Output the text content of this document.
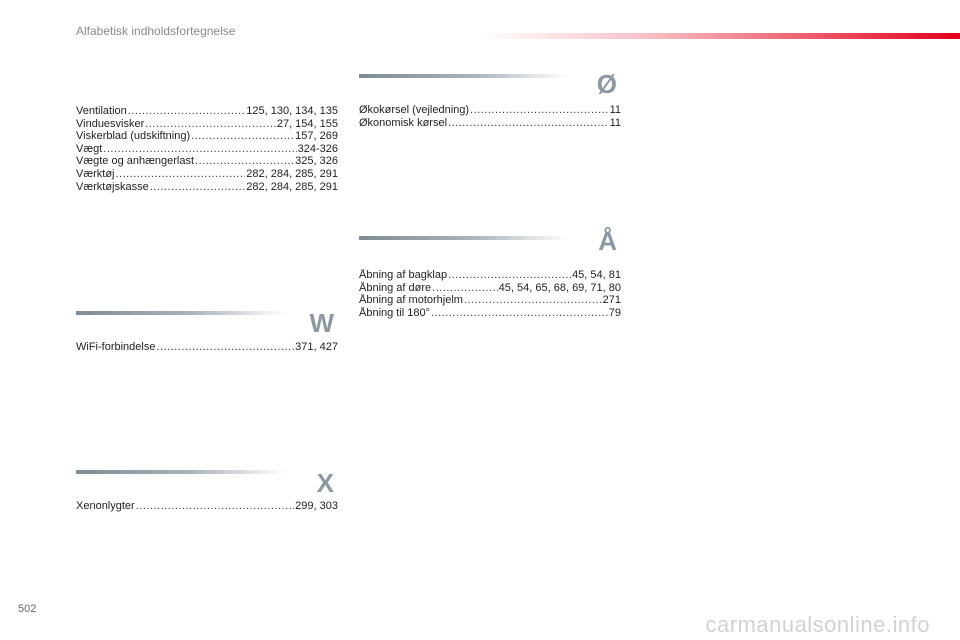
Alfabetisk indholdsfortegnelse
Ventilation .....	125, 130, 134, 135
Vinduesvisker .....	27, 154, 155
Viskerblad (udskiftning) .....	157, 269
Vægt .....	324-326
Vægte og anhængerlast .....	325, 326
Værktøj .....	282, 284, 285, 291
Værktøjskasse .....	282, 284, 285, 291
W
WiFi-forbindelse .....	371, 427
X
Xenonlygter .....	299, 303
Ø
Økokørsel (vejledning) .....	11
Økonomisk kørsel .....	11
Å
Åbning af bagklap .....	45, 54, 81
Åbning af døre .....	45, 54, 65, 68, 69, 71, 80
Åbning af motorhjelm .....	271
Åbning til 180° .....	79
502
carmanualsonline.info
